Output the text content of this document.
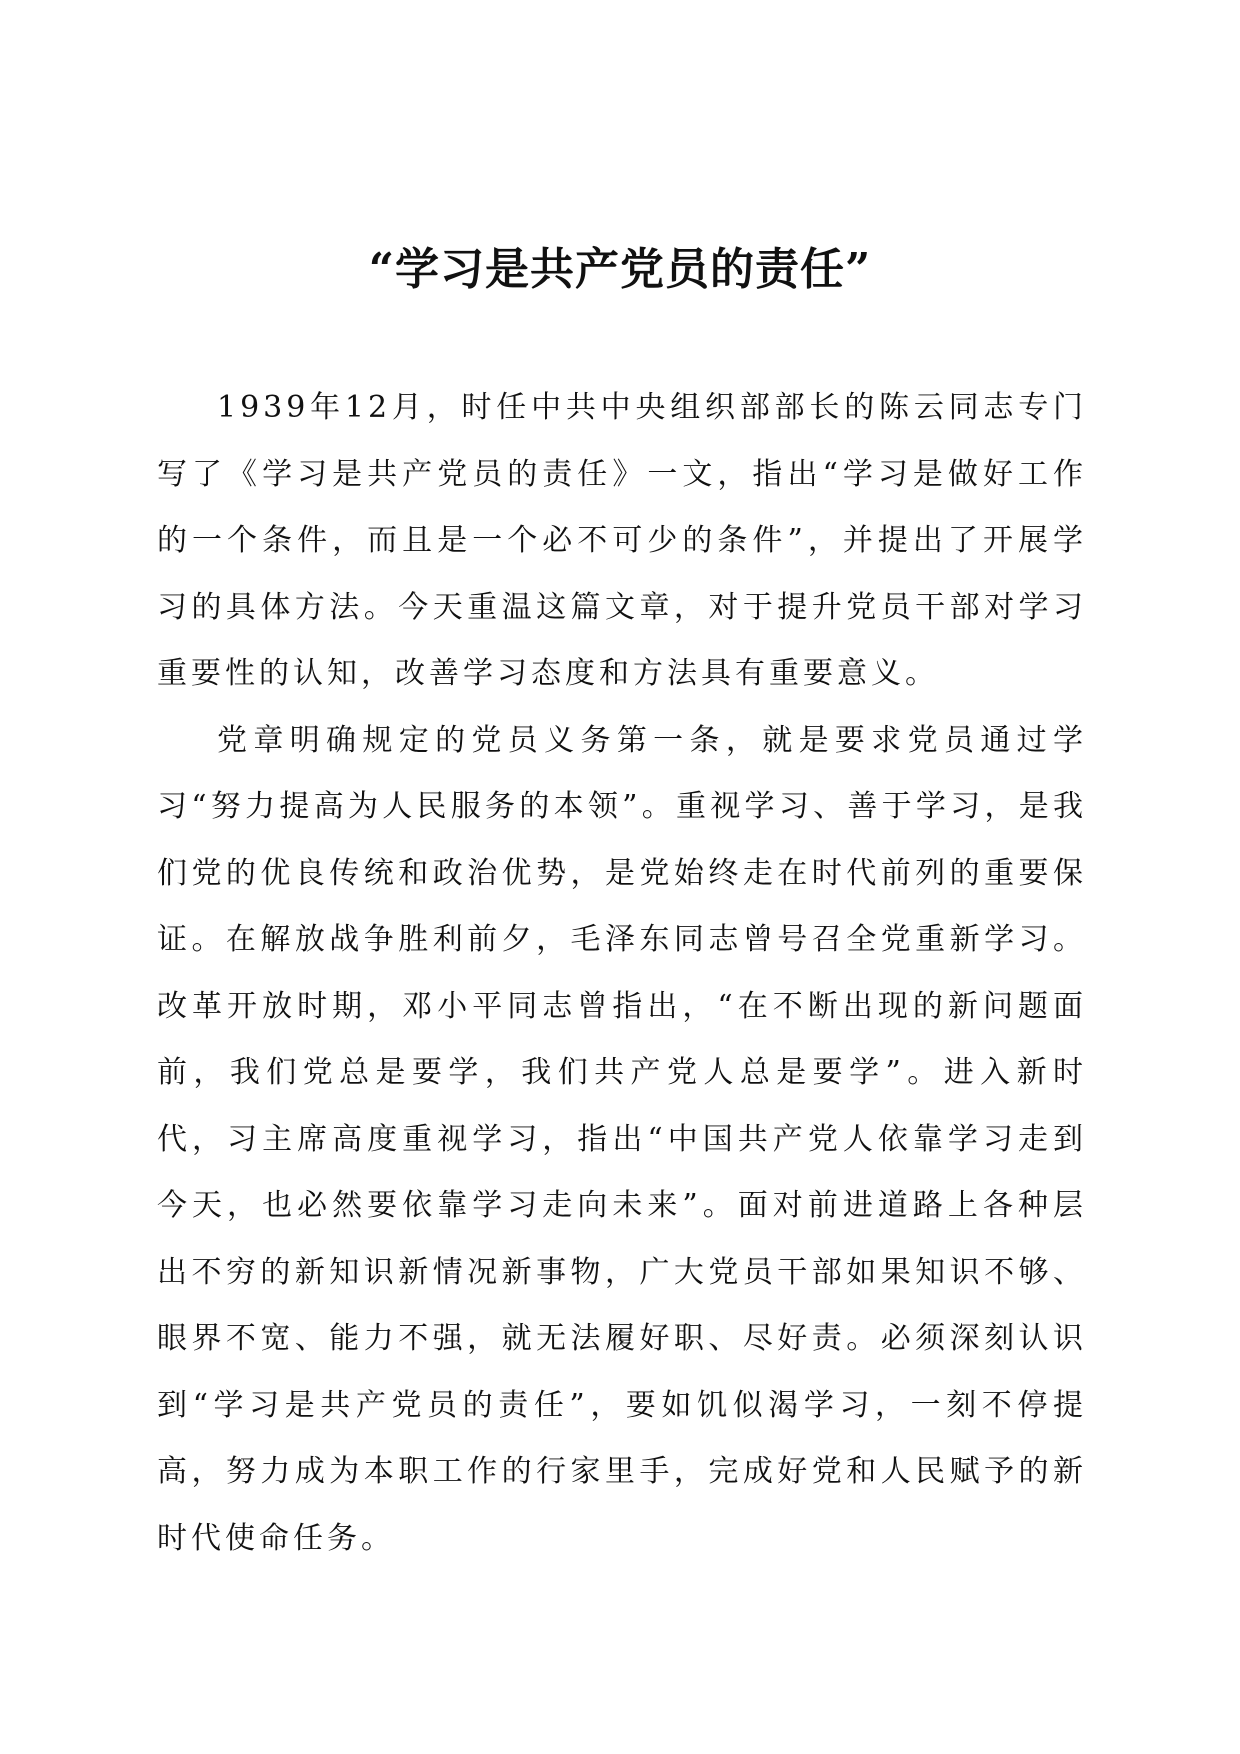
“学习是共产党员的责任”

1939年12月，时任中共中央组织部部长的陈云同志专门写了《学习是共产党员的责任》一文，指出“学习是做好工作的一个条件，而且是一个必不可少的条件”，并提出了开展学习的具体方法。今天重温这篇文章，对于提升党员干部对学习重要性的认知，改善学习态度和方法具有重要意义。

党章明确规定的党员义务第一条，就是要求党员通过学习“努力提高为人民服务的本领”。重视学习、善于学习，是我们党的优良传统和政治优势，是党始终走在时代前列的重要保证。在解放战争胜利前夕，毛泽东同志曾号召全党重新学习。改革开放时期，邓小平同志曾指出，“在不断出现的新问题面前，我们党总是要学，我们共产党人总是要学”。进入新时代，习主席高度重视学习，指出“中国共产党人依靠学习走到今天，也必然要依靠学习走向未来”。面对前进道路上各种层出不穷的新知识新情况新事物，广大党员干部如果知识不够、眼界不宽、能力不强，就无法履好职、尽好责。必须深刻认识到“学习是共产党员的责任”，要如饥似渴学习，一刻不停提高，努力成为本职工作的行家里手，完成好党和人民赋予的新时代使命任务。
